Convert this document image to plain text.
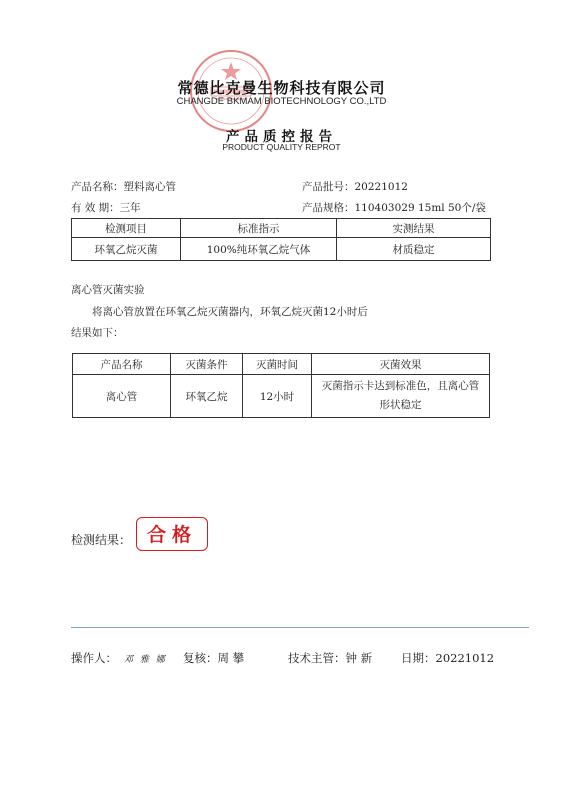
常德比克曼生物科技有限公司
CHANGDE BKMAM BIOTECHNOLOGY CO.,LTD
产品质控报告
PRODUCT QUALITY REPROT
产品名称：塑料离心管	产品批号：20221012
有 效 期：三年	产品规格：110403029 15ml 50个/袋
检测项目	标准指示	实测结果
环氧乙烷灭菌	100%纯环氧乙烷气体	材质稳定
离心管灭菌实验
将离心管放置在环氧乙烷灭菌器内，环氧乙烷灭菌12小时后
结果如下：
产品名称	灭菌条件	灭菌时间	灭菌效果
离心管	环氧乙烷	12小时	灭菌指示卡达到标准色，且离心管
形状稳定
检测结果： 合格
操作人： 邓 雅 娜 复核：周 攀	技术主管：钟 新	日期：20221012
